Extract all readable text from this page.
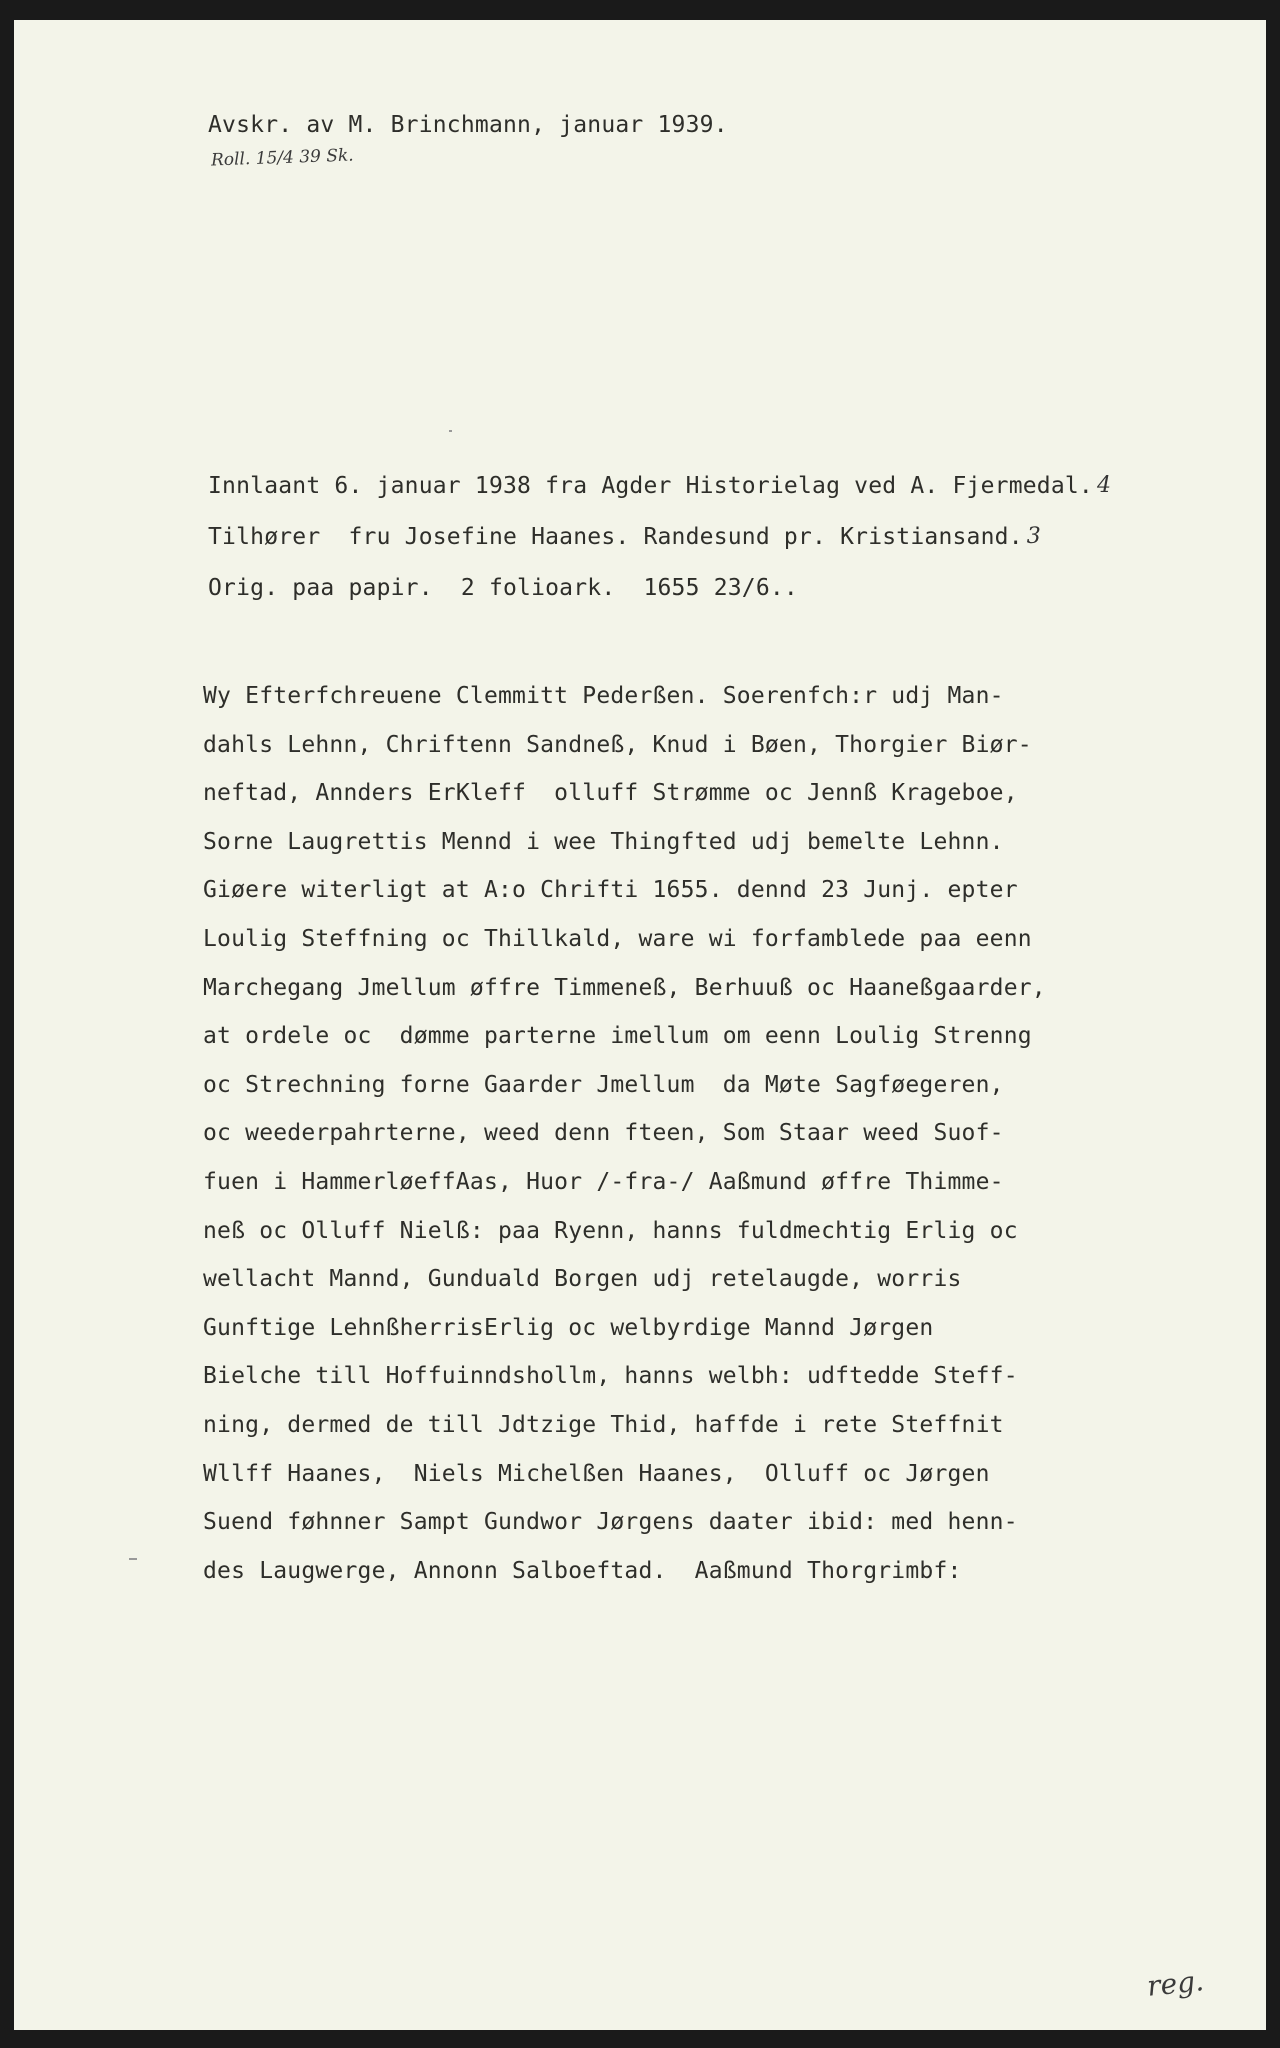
Avskr. av M. Brinchmann, januar 1939.
Roll. 15/4 39 Sk.

Innlaant 6. januar 1938 fra Agder Historielag ved A. Fjermedal. 4
Tilhører  fru Josefine Haanes. Randesund pr. Kristiansand. 3
Orig. paa papir.  2 folioark.  1655 23/6..
Wy Efterfchreuene Clemmitt Pederßen. Soerenfch:r udj Man-
dahls Lehnn, Chriftenn Sandneß, Knud i Bøen, Thorgier Biør-
neftad, Annders ErKleff  olluff Strømme oc Jennß Krageboe,
Sorne Laugrettis Mennd i wee Thingfted udj bemelte Lehnn.
Giøere witerligt at A:o Chrifti 1655. dennd 23 Junj. epter
Loulig Steffning oc Thillkald, ware wi forfamblede paa eenn
Marchegang Jmellum øffre Timmeneß, Berhuuß oc Haaneßgaarder,
at ordele oc  dømme parterne imellum om eenn Loulig Strenng
oc Strechning forne Gaarder Jmellum  da Møte Sagføegeren,
oc weederpahrterne, weed denn fteen, Som Staar weed Suof-
fuen i HammerløeffAas, Huor /-fra-/ Aaßmund øffre Thimme-
neß oc Olluff Nielß: paa Ryenn, hanns fuldmechtig Erlig oc
wellacht Mannd, Gunduald Borgen udj retelaugde, worris
Gunftige LehnßherrisErlig oc welbyrdige Mannd Jørgen
Bielche till Hoffuinndshollm, hanns welbh: udftedde Steff-
ning, dermed de till Jdtzige Thid, haffde i rete Steffnit
Wllff Haanes,  Niels Michelßen Haanes,  Olluff oc Jørgen
Suend føhnner Sampt Gundwor Jørgens daater ibid: med henn-
des Laugwerge, Annonn Salboeftad.  Aaßmund Thorgrimbf:
reg.
